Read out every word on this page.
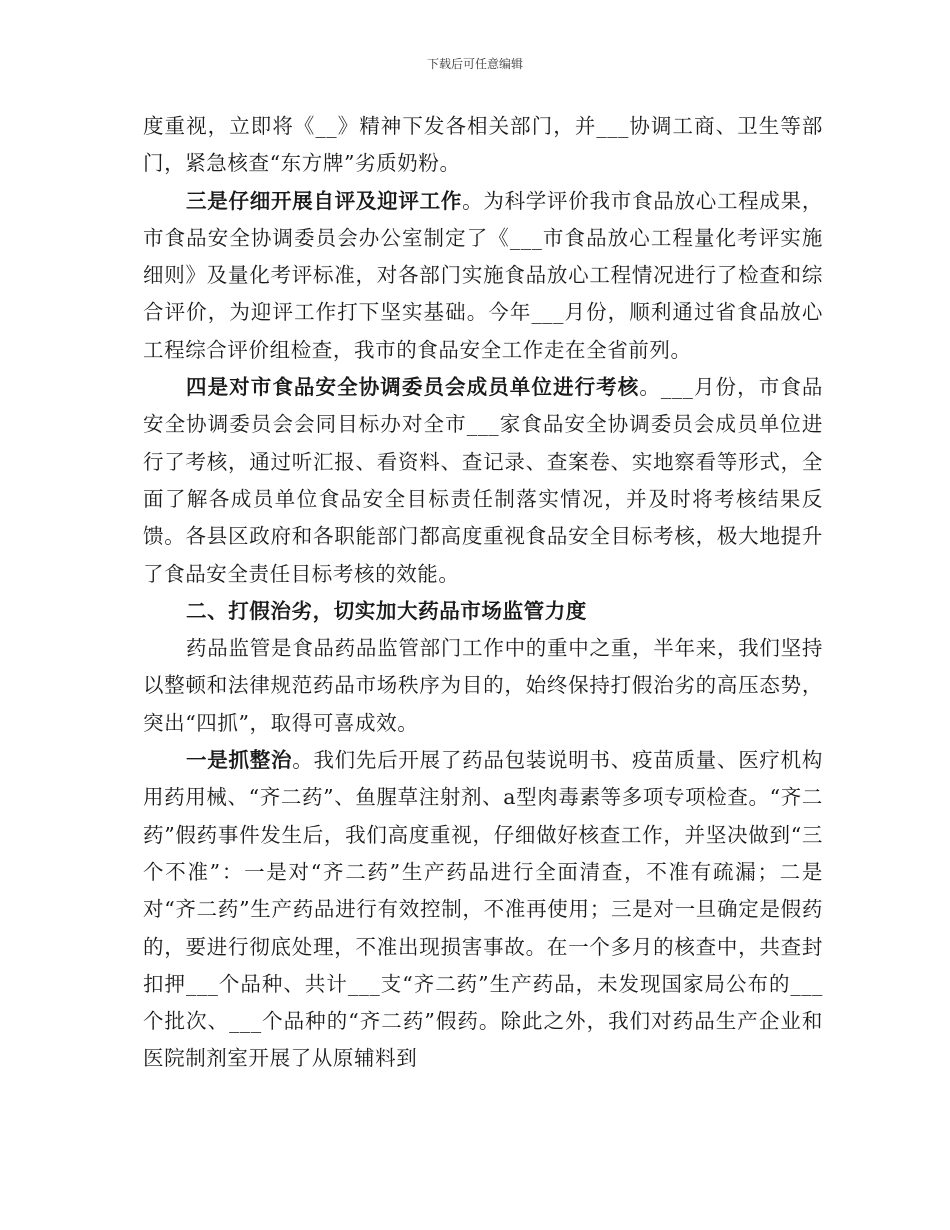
下载后可任意编辑

度重视，立即将《__》精神下发各相关部门，并___协调工商、卫生等部门，紧急核查“东方牌”劣质奶粉。

三是仔细开展自评及迎评工作。为科学评价我市食品放心工程成果，市食品安全协调委员会办公室制定了《___市食品放心工程量化考评实施细则》及量化考评标准，对各部门实施食品放心工程情况进行了检查和综合评价，为迎评工作打下坚实基础。今年___月份，顺利通过省食品放心工程综合评价组检查，我市的食品安全工作走在全省前列。

四是对市食品安全协调委员会成员单位进行考核。___月份，市食品安全协调委员会会同目标办对全市___家食品安全协调委员会成员单位进行了考核，通过听汇报、看资料、查记录、查案卷、实地察看等形式，全面了解各成员单位食品安全目标责任制落实情况，并及时将考核结果反馈。各县区政府和各职能部门都高度重视食品安全目标考核，极大地提升了食品安全责任目标考核的效能。

二、打假治劣，切实加大药品市场监管力度

药品监管是食品药品监管部门工作中的重中之重，半年来，我们坚持以整顿和法律规范药品市场秩序为目的，始终保持打假治劣的高压态势，突出“四抓”，取得可喜成效。

一是抓整治。我们先后开展了药品包装说明书、疫苗质量、医疗机构用药用械、“齐二药”、鱼腥草注射剂、a型肉毒素等多项专项检查。“齐二药”假药事件发生后，我们高度重视，仔细做好核查工作，并坚决做到“三个不准”：一是对“齐二药”生产药品进行全面清查，不准有疏漏；二是对“齐二药”生产药品进行有效控制，不准再使用；三是对一旦确定是假药的，要进行彻底处理，不准出现损害事故。在一个多月的核查中，共查封扣押___个品种、共计___支“齐二药”生产药品，未发现国家局公布的___个批次、___个品种的“齐二药”假药。除此之外，我们对药品生产企业和医院制剂室开展了从原辅料到
